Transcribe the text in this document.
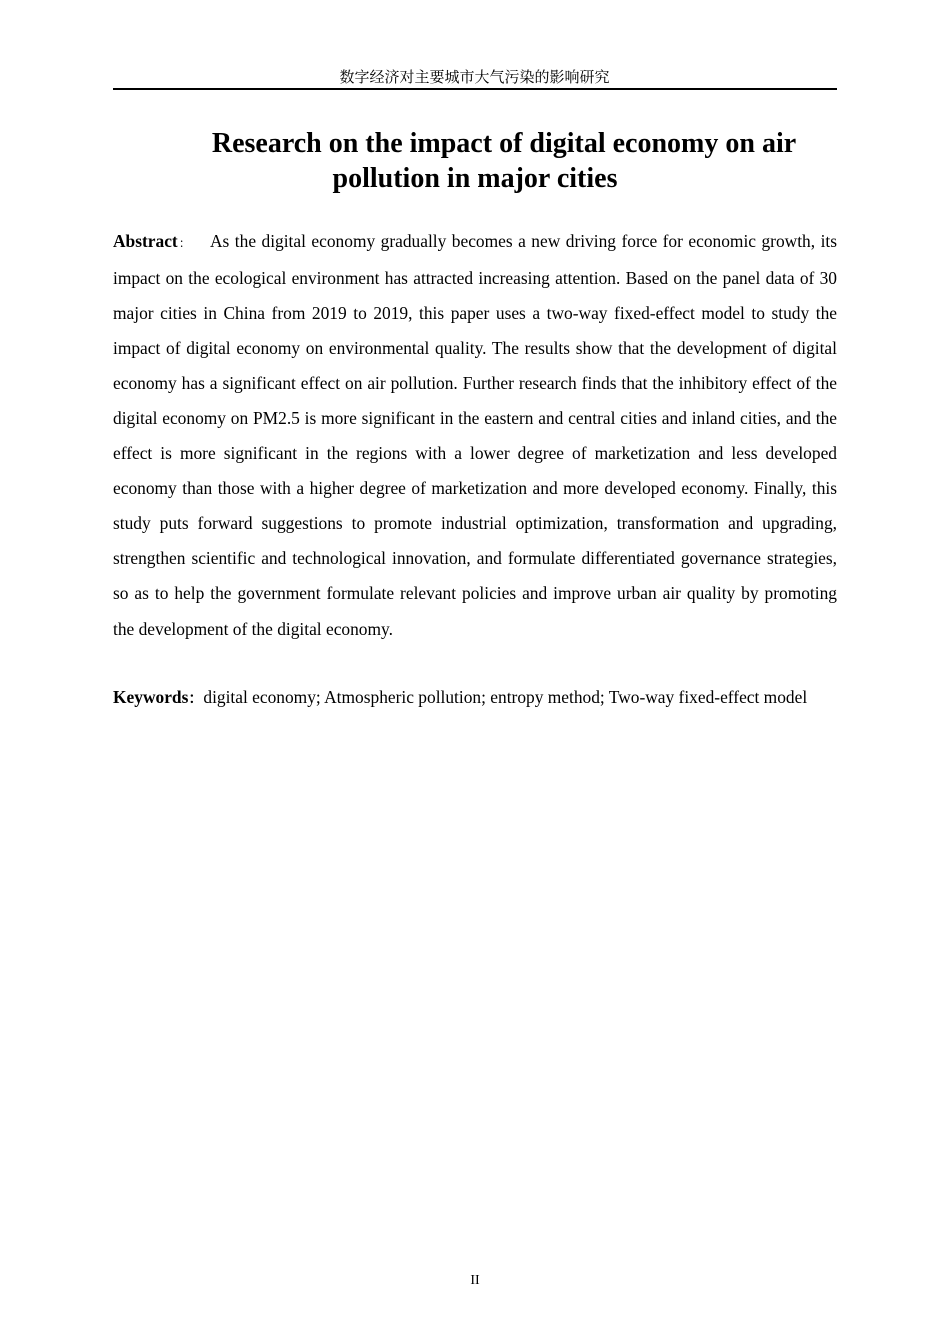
数字经济对主要城市大气污染的影响研究
Research on the impact of digital economy on air
pollution in major cities

Abstract： As the digital economy gradually becomes a new driving force for economic growth, its impact on the ecological environment has attracted increasing attention. Based on the panel data of 30 major cities in China from 2019 to 2019, this paper uses a two-way fixed-effect model to study the impact of digital economy on environmental quality. The results show that the development of digital economy has a significant effect on air pollution. Further research finds that the inhibitory effect of the digital economy on PM2.5 is more significant in the eastern and central cities and inland cities, and the effect is more significant in the regions with a lower degree of marketization and less developed economy than those with a higher degree of marketization and more developed economy. Finally, this study puts forward suggestions to promote industrial optimization, transformation and upgrading, strengthen scientific and technological innovation, and formulate differentiated governance strategies, so as to help the government formulate relevant policies and improve urban air quality by promoting the development of the digital economy.

Keywords：digital economy; Atmospheric pollution; entropy method; Two-way fixed-effect model

II
